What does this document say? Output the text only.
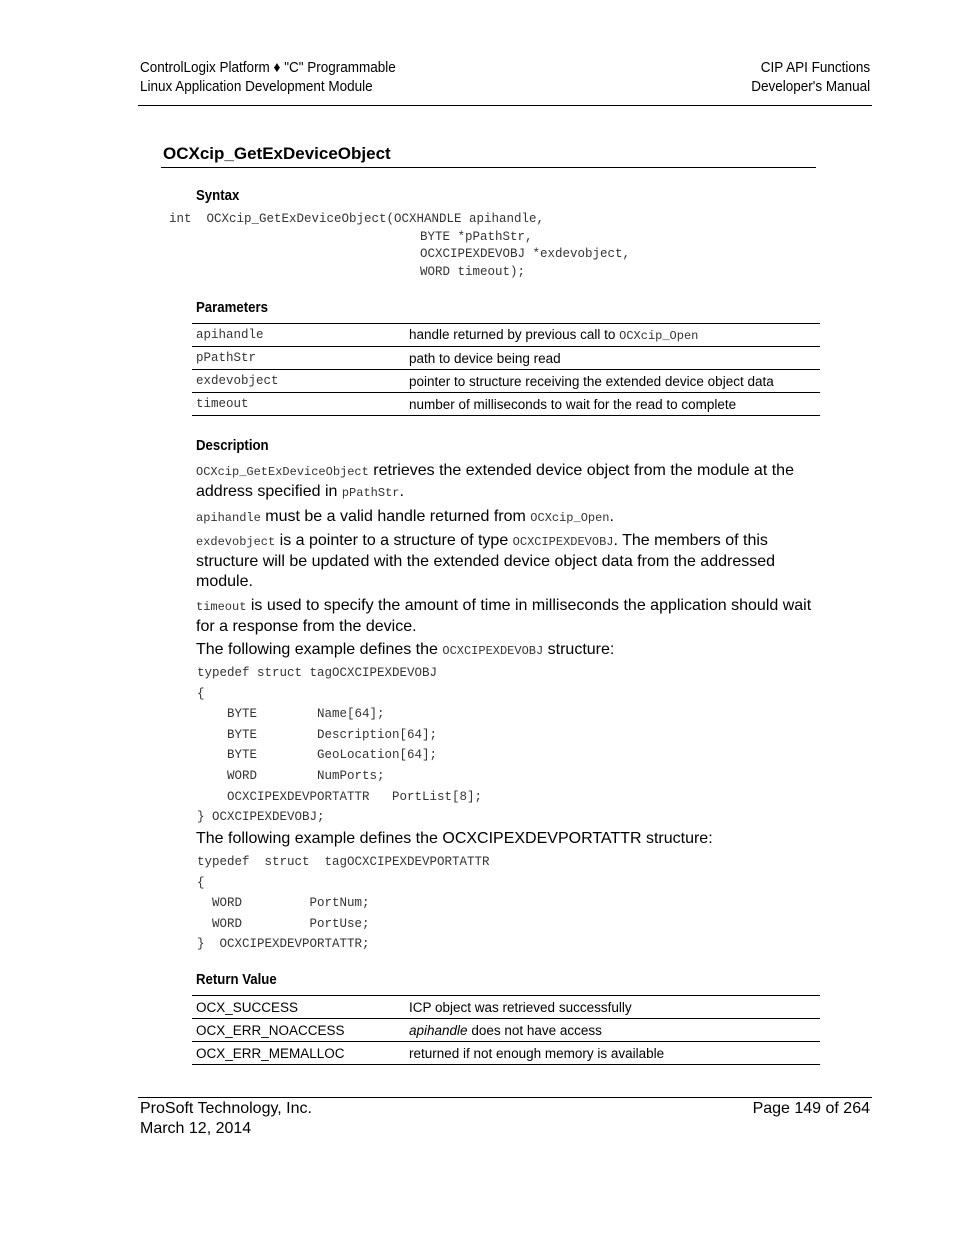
ControlLogix Platform ♦ "C" Programmable
Linux Application Development Module
CIP API Functions
Developer's Manual
OCXcip_GetExDeviceObject
Syntax
int  OCXcip_GetExDeviceObject(OCXHANDLE apihandle,
BYTE *pPathStr,
OCXCIPEXDEVOBJ *exdevobject,
WORD timeout);
Parameters
apihandle	handle returned by previous call to OCXcip_Open
pPathStr	path to device being read
exdevobject	pointer to structure receiving the extended device object data
timeout	number of milliseconds to wait for the read to complete
Description
OCXcip_GetExDeviceObject retrieves the extended device object from the module at the address specified in pPathStr.
apihandle must be a valid handle returned from OCXcip_Open.
exdevobject is a pointer to a structure of type OCXCIPEXDEVOBJ. The members of this structure will be updated with the extended device object data from the addressed module.
timeout is used to specify the amount of time in milliseconds the application should wait for a response from the device.
The following example defines the OCXCIPEXDEVOBJ structure:
typedef struct tagOCXCIPEXDEVOBJ
{
BYTE        Name[64];
BYTE        Description[64];
BYTE        GeoLocation[64];
WORD        NumPorts;
OCXCIPEXDEVPORTATTR   PortList[8];
} OCXCIPEXDEVOBJ;
The following example defines the OCXCIPEXDEVPORTATTR structure:
typedef  struct  tagOCXCIPEXDEVPORTATTR
{
WORD         PortNum;
WORD         PortUse;
}  OCXCIPEXDEVPORTATTR;
Return Value
OCX_SUCCESS	ICP object was retrieved successfully
OCX_ERR_NOACCESS	apihandle does not have access
OCX_ERR_MEMALLOC	returned if not enough memory is available
ProSoft Technology, Inc.
March 12, 2014
Page 149 of 264
